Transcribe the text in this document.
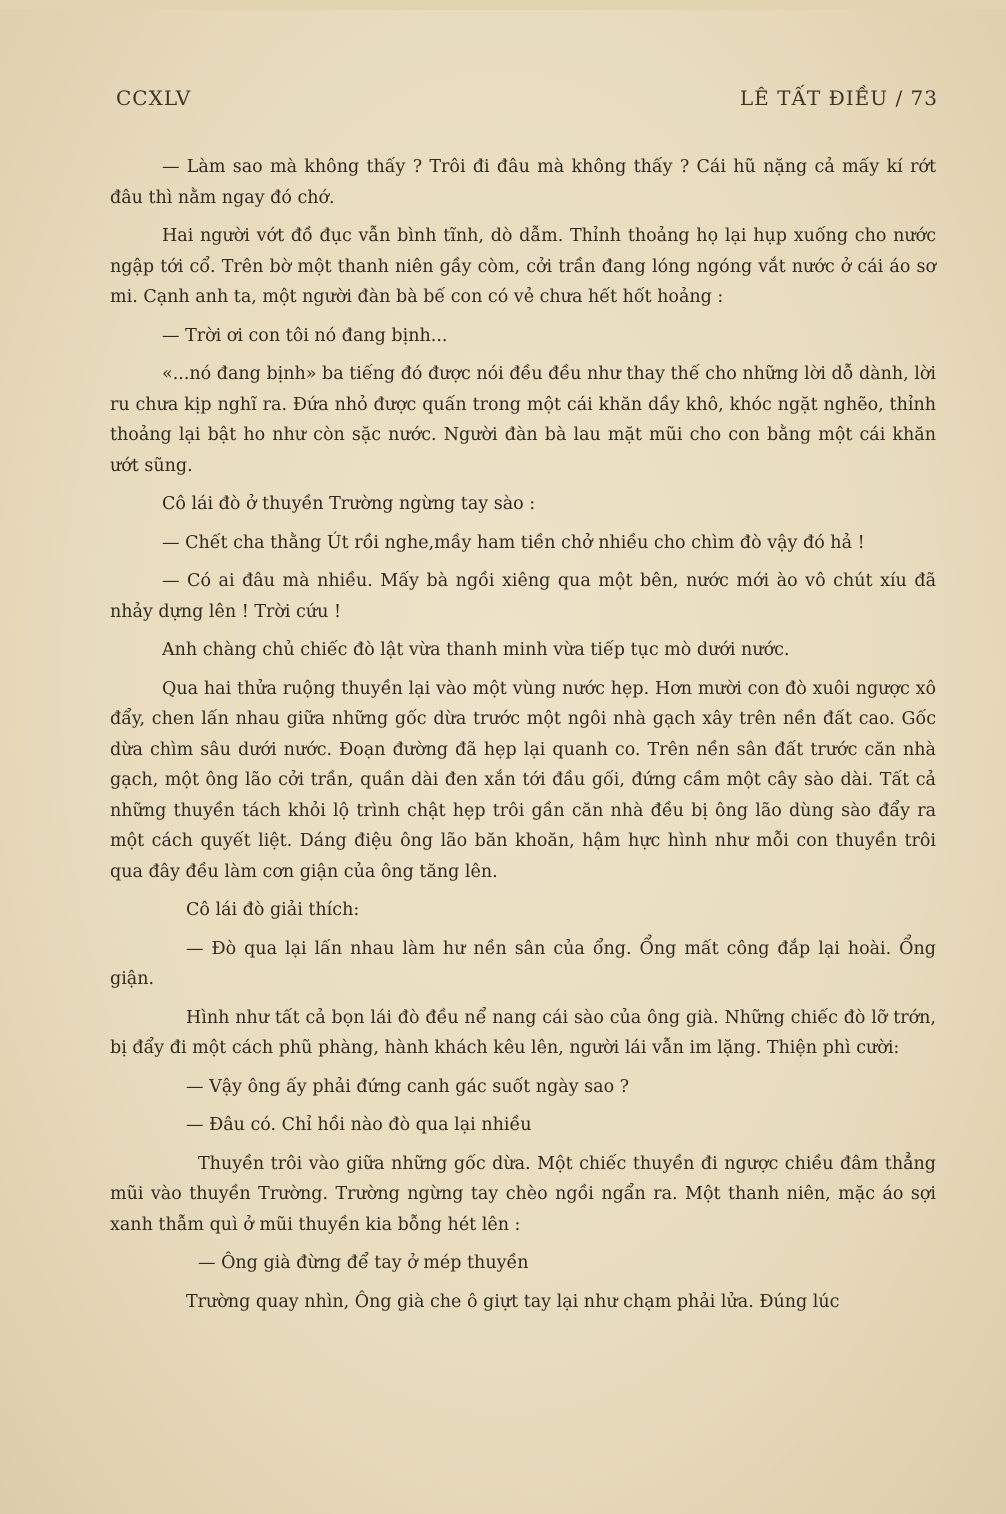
CCXLV	LÊ TẤT ĐIỀU / 73

— Làm sao mà không thấy ? Trôi đi đâu mà không thấy ? Cái hũ nặng cả mấy kí rớt đâu thì nằm ngay đó chớ.

Hai người vớt đồ đục vẫn bình tĩnh, dò dẫm. Thỉnh thoảng họ lại hụp xuống cho nước ngập tới cổ. Trên bờ một thanh niên gầy còm, cởi trần đang lóng ngóng vắt nước ở cái áo sơ mi. Cạnh anh ta, một người đàn bà bế con có vẻ chưa hết hốt hoảng :

— Trời ơi con tôi nó đang bịnh...

«...nó đang bịnh» ba tiếng đó được nói đều đều như thay thế cho những lời dỗ dành, lời ru chưa kịp nghĩ ra. Đứa nhỏ được quấn trong một cái khăn dầy khô, khóc ngặt nghẽo, thỉnh thoảng lại bật ho như còn sặc nước. Người đàn bà lau mặt mũi cho con bằng một cái khăn ướt sũng.

Cô lái đò ở thuyền Trường ngừng tay sào :

— Chết cha thằng Út rồi nghe,mầy ham tiền chở nhiều cho chìm đò vậy đó hả !

— Có ai đâu mà nhiều. Mấy bà ngồi xiêng qua một bên, nước mới ào vô chút xíu đã nhảy dựng lên ! Trời cứu !

Anh chàng chủ chiếc đò lật vừa thanh minh vừa tiếp tục mò dưới nước.

Qua hai thửa ruộng thuyền lại vào một vùng nước hẹp. Hơn mười con đò xuôi ngược xô đẩy, chen lấn nhau giữa những gốc dừa trước một ngôi nhà gạch xây trên nền đất cao. Gốc dừa chìm sâu dưới nước. Đoạn đường đã hẹp lại quanh co. Trên nền sân đất trước căn nhà gạch, một ông lão cởi trần, quần dài đen xắn tới đầu gối, đứng cầm một cây sào dài. Tất cả những thuyền tách khỏi lộ trình chật hẹp trôi gần căn nhà đều bị ông lão dùng sào đẩy ra một cách quyết liệt. Dáng điệu ông lão băn khoăn, hậm hực hình như mỗi con thuyền trôi qua đây đều làm cơn giận của ông tăng lên.

Cô lái đò giải thích:

— Đò qua lại lấn nhau làm hư nền sân của ổng. Ổng mất công đắp lại hoài. Ổng giận.

Hình như tất cả bọn lái đò đều nể nang cái sào của ông già. Những chiếc đò lỡ trớn, bị đẩy đi một cách phũ phàng, hành khách kêu lên, người lái vẫn im lặng. Thiện phì cười:

— Vậy ông ấy phải đứng canh gác suốt ngày sao ?

— Đâu có. Chỉ hồi nào đò qua lại nhiều

Thuyền trôi vào giữa những gốc dừa. Một chiếc thuyền đi ngược chiều đâm thẳng mũi vào thuyền Trường. Trường ngừng tay chèo ngồi ngẩn ra. Một thanh niên, mặc áo sợi xanh thẫm quì ở mũi thuyền kia bỗng hét lên :

— Ông già đừng để tay ở mép thuyền

Trường quay nhìn, Ông già che ô giựt tay lại như chạm phải lửa. Đúng lúc
